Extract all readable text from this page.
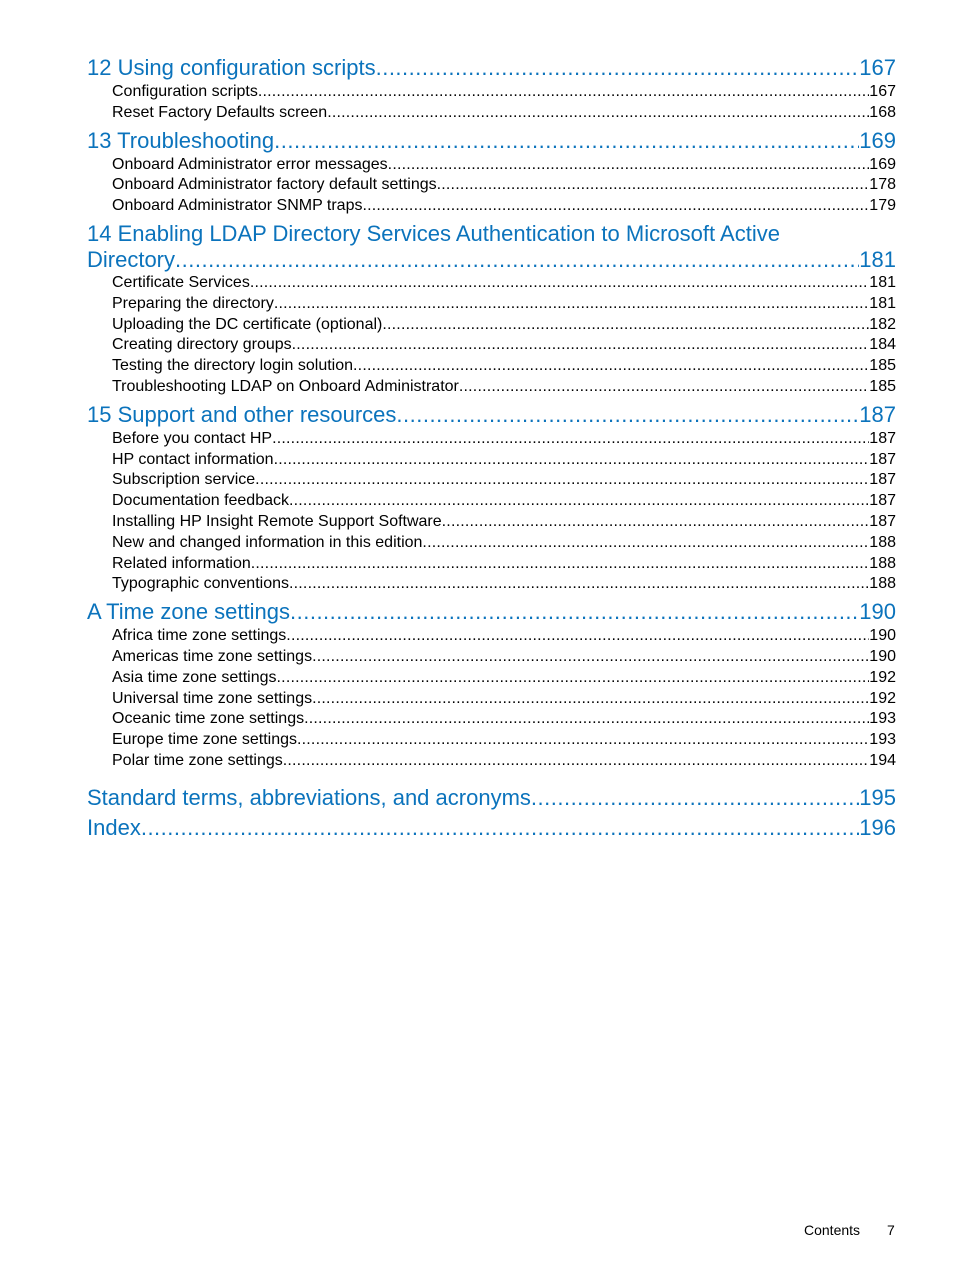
12 Using configuration scripts .....	167
Configuration scripts .....	167
Reset Factory Defaults screen .....	168
13 Troubleshooting .....	169
Onboard Administrator error messages .....	169
Onboard Administrator factory default settings .....	178
Onboard Administrator SNMP traps .....	179
14 Enabling LDAP Directory Services Authentication to Microsoft Active
Directory .....	181
Certificate Services .....	181
Preparing the directory .....	181
Uploading the DC certificate (optional) .....	182
Creating directory groups .....	184
Testing the directory login solution .....	185
Troubleshooting LDAP on Onboard Administrator .....	185
15 Support and other resources .....	187
Before you contact HP .....	187
HP contact information .....	187
Subscription service .....	187
Documentation feedback .....	187
Installing HP Insight Remote Support Software .....	187
New and changed information in this edition .....	188
Related information .....	188
Typographic conventions .....	188
A Time zone settings .....	190
Africa time zone settings .....	190
Americas time zone settings .....	190
Asia time zone settings .....	192
Universal time zone settings .....	192
Oceanic time zone settings .....	193
Europe time zone settings .....	193
Polar time zone settings .....	194
Standard terms, abbreviations, and acronyms .....	195
Index .....	196
Contents 7
